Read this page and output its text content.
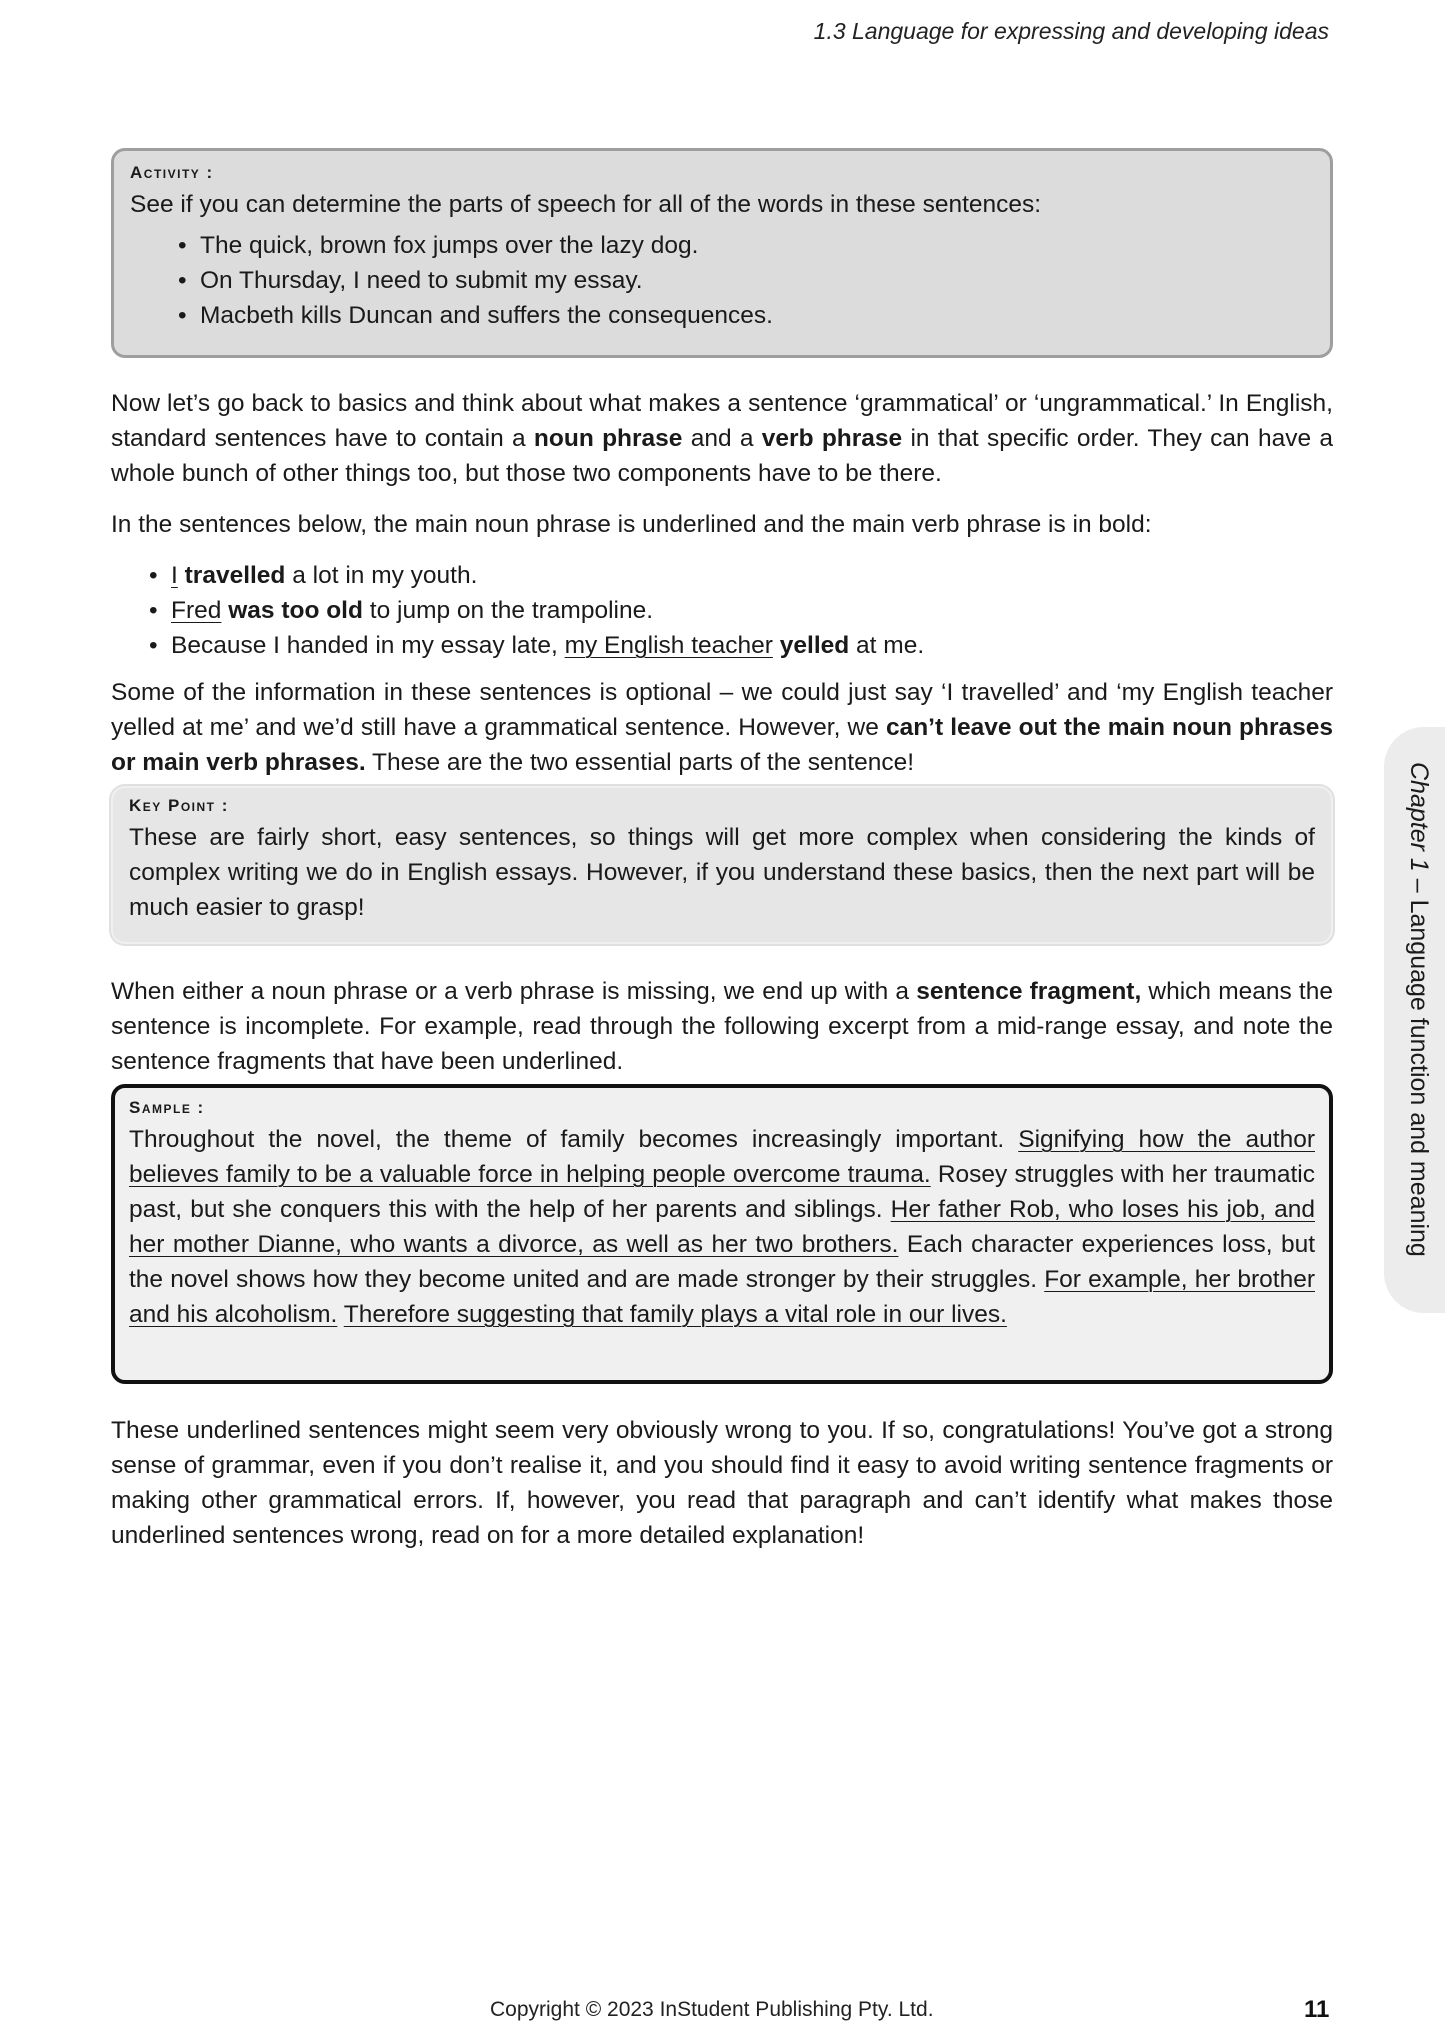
1.3 Language for expressing and developing ideas
Activity :

See if you can determine the parts of speech for all of the words in these sentences:

• The quick, brown fox jumps over the lazy dog.
• On Thursday, I need to submit my essay.
• Macbeth kills Duncan and suffers the consequences.

Now let’s go back to basics and think about what makes a sentence ‘grammatical’ or ‘ungrammatical.’ In English, standard sentences have to contain a noun phrase and a verb phrase in that specific order. They can have a whole bunch of other things too, but those two components have to be there.

In the sentences below, the main noun phrase is underlined and the main verb phrase is in bold:

• I travelled a lot in my youth.
• Fred was too old to jump on the trampoline.
• Because I handed in my essay late, my English teacher yelled at me.

Some of the information in these sentences is optional – we could just say ‘I travelled’ and ‘my English teacher yelled at me’ and we’d still have a grammatical sentence. However, we can’t leave out the main noun phrases or main verb phrases. These are the two essential parts of the sentence!

Key Point :

These are fairly short, easy sentences, so things will get more complex when considering the kinds of complex writing we do in English essays. However, if you understand these basics, then the next part will be much easier to grasp!

When either a noun phrase or a verb phrase is missing, we end up with a sentence fragment, which means the sentence is incomplete. For example, read through the following excerpt from a mid-range essay, and note the sentence fragments that have been underlined.

Sample :

Throughout the novel, the theme of family becomes increasingly important. Signifying how the author believes family to be a valuable force in helping people overcome trauma. Rosey struggles with her traumatic past, but she conquers this with the help of her parents and siblings. Her father Rob, who loses his job, and her mother Dianne, who wants a divorce, as well as her two brothers. Each character experiences loss, but the novel shows how they become united and are made stronger by their struggles. For example, her brother and his alcoholism. Therefore suggesting that family plays a vital role in our lives.

These underlined sentences might seem very obviously wrong to you. If so, congratulations! You’ve got a strong sense of grammar, even if you don’t realise it, and you should find it easy to avoid writing sentence fragments or making other grammatical errors. If, however, you read that paragraph and can’t identify what makes those underlined sentences wrong, read on for a more detailed explanation!

Chapter 1 – Language function and meaning
Copyright © 2023 InStudent Publishing Pty. Ltd.	11
